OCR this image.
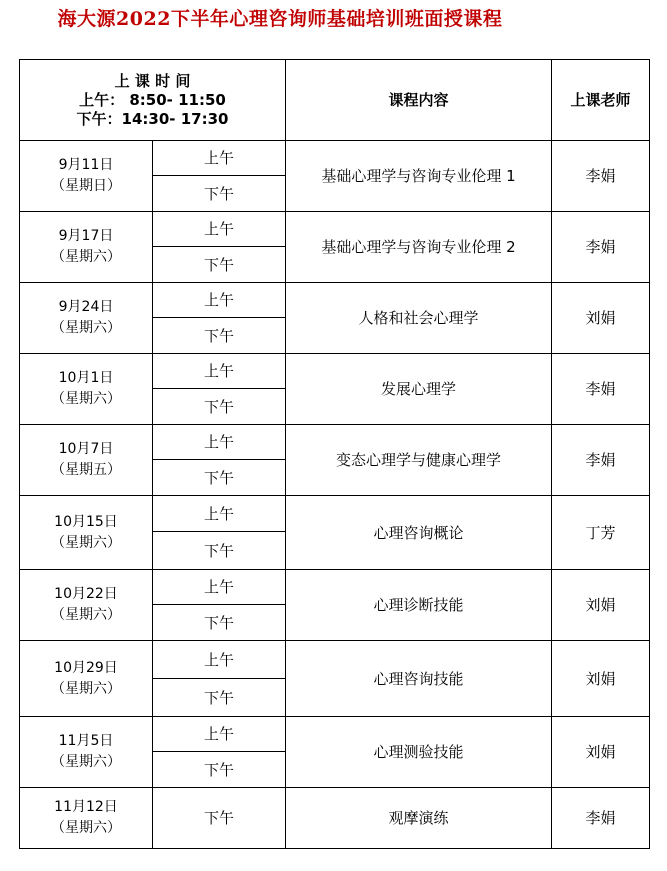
海大源2022下半年心理咨询师基础培训班面授课程
上 课 时 间
上午： 8:50- 11:50
下午：14:30- 17:30		课程内容	上课老师

9月11日
（星期日）	上午	基础心理学与咨询专业伦理 1	李娟
	下午		

9月17日
（星期六）	上午	基础心理学与咨询专业伦理 2	李娟
	下午		

9月24日
（星期六）	上午	人格和社会心理学	刘娟
	下午		

10月1日
（星期六）	上午	发展心理学	李娟
	下午		

10月7日
（星期五）	上午	变态心理学与健康心理学	李娟
	下午		

10月15日
（星期六）	上午	心理咨询概论	丁芳
	下午		

10月22日
（星期六）	上午	心理诊断技能	刘娟
	下午		

10月29日
（星期六）	上午	心理咨询技能	刘娟
	下午		

11月5日
（星期六）	上午	心理测验技能	刘娟
	下午		

11月12日
（星期六）	下午	观摩演练	李娟
